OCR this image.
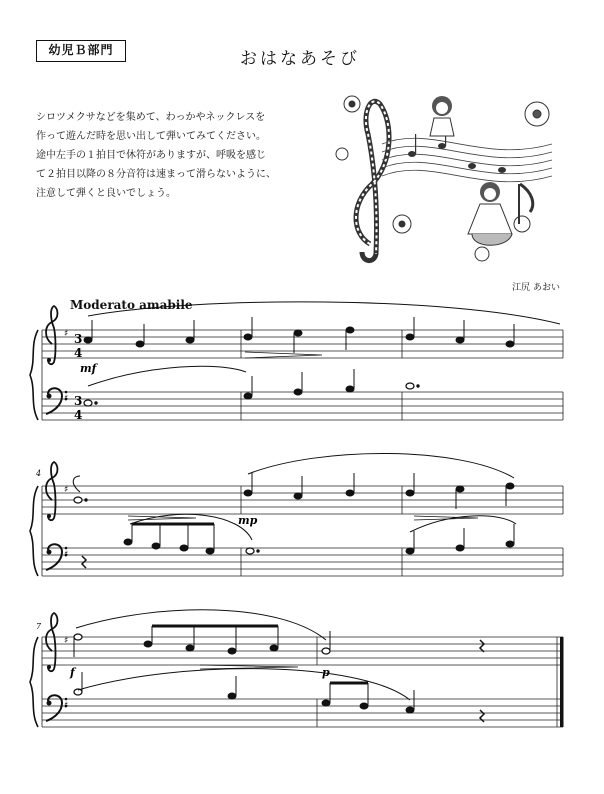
幼児Ｂ部門	おはなあそび

シロツメクサなどを集めて、わっかやネックレスを

作って遊んだ時を思い出して弾いてみてください。

途中左手の１拍目で休符がありますが、呼吸を感じ

て２拍目以降の８分音符は速まって滑らないように、

注意して弾くと良いでしょう。

江尻 あおい
Moderato amabile
♯
♯
3
4
3
4
mf
4
♯
♯
mp
7
♯
♯
f	p
